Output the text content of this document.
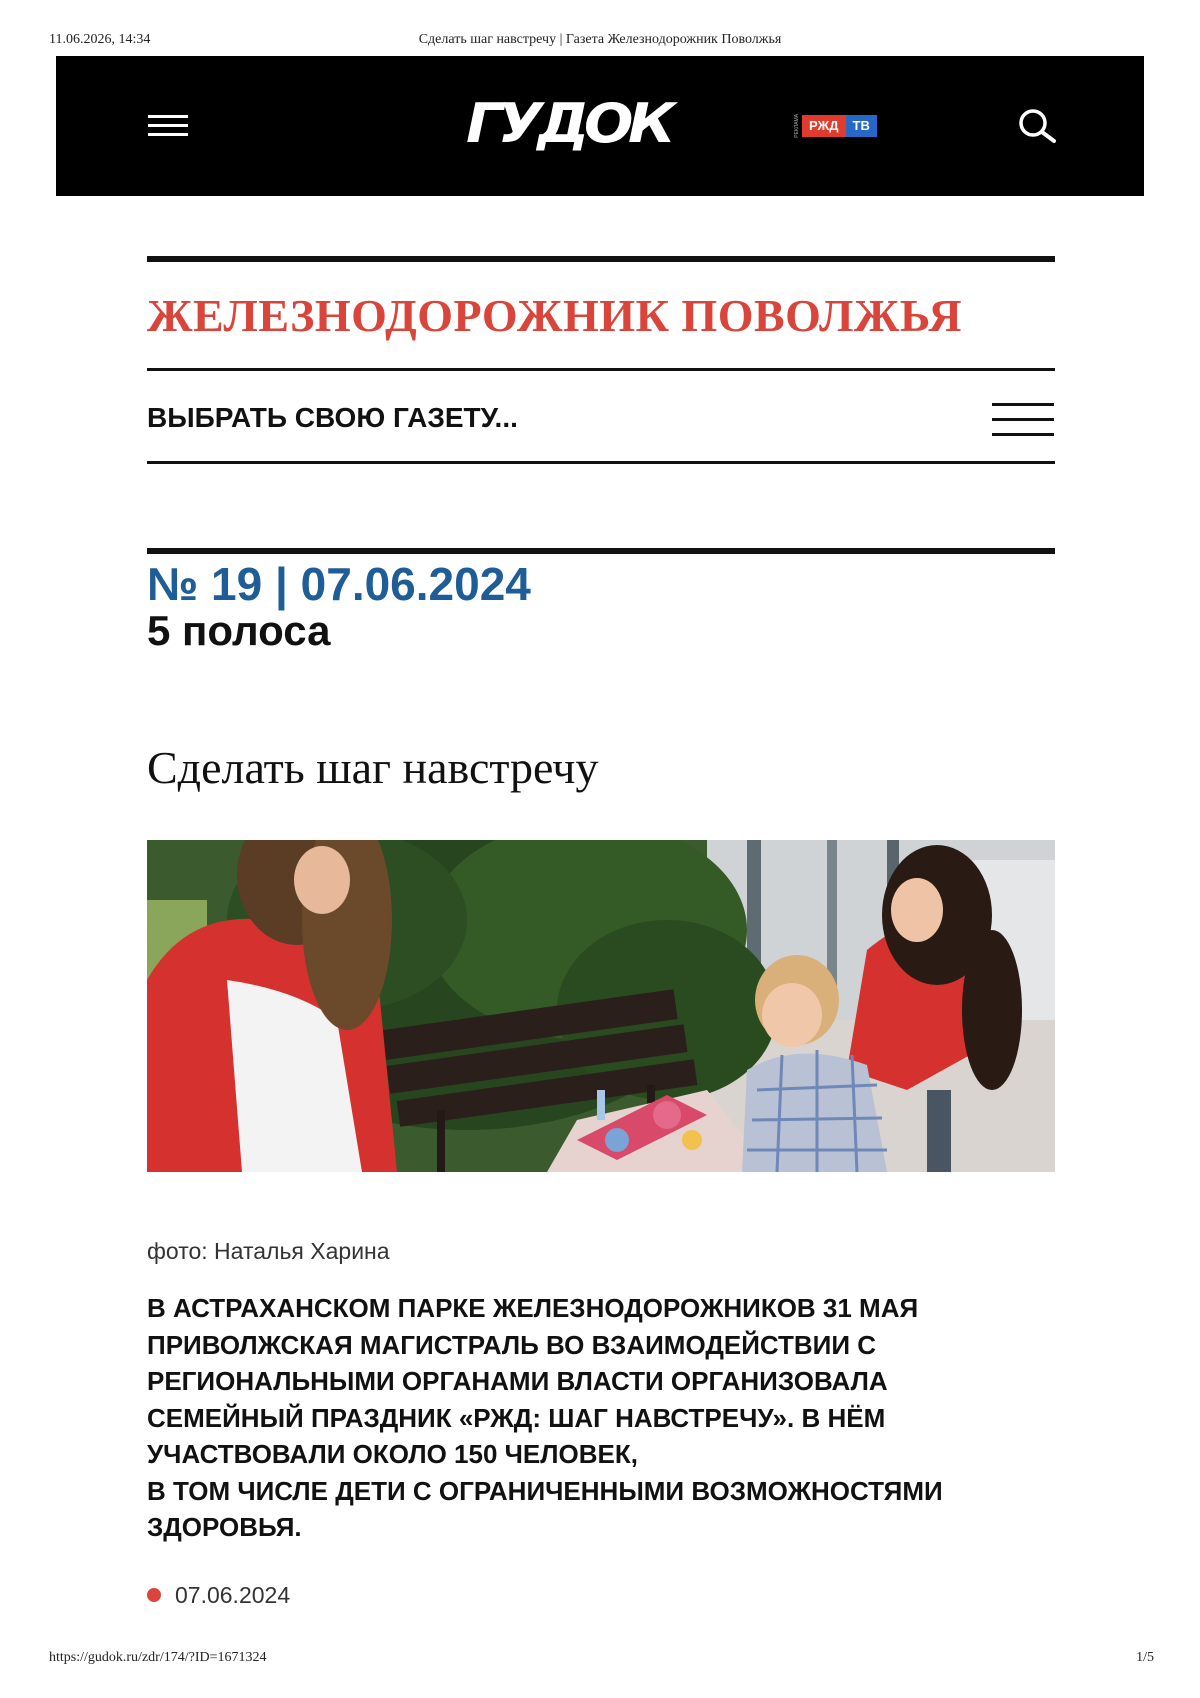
11.06.2026, 14:34	Сделать шаг навстречу | Газета Железнодорожник Поволжья
ГУДОК	РЕКЛАМА РЖД	ТВ
ЖЕЛЕЗНОДОРОЖНИК ПОВОЛЖЬЯ
ВЫБРАТЬ СВОЮ ГАЗЕТУ...
№ 19 | 07.06.2024
5 полоса
Сделать шаг навстречу
фото: Наталья Харина
В АСТРАХАНСКОМ ПАРКЕ ЖЕЛЕЗНОДОРОЖНИКОВ 31 МАЯ
ПРИВОЛЖСКАЯ МАГИСТРАЛЬ ВО ВЗАИМОДЕЙСТВИИ С
РЕГИОНАЛЬНЫМИ ОРГАНАМИ ВЛАСТИ ОРГАНИЗОВАЛА
СЕМЕЙНЫЙ ПРАЗДНИК «РЖД: ШАГ НАВСТРЕЧУ». В НЁМ
УЧАСТВОВАЛИ ОКОЛО 150 ЧЕЛОВЕК,
В ТОМ ЧИСЛЕ ДЕТИ С ОГРАНИЧЕННЫМИ ВОЗМОЖНОСТЯМИ
ЗДОРОВЬЯ.
07.06.2024
https://gudok.ru/zdr/174/?ID=1671324	1/5
